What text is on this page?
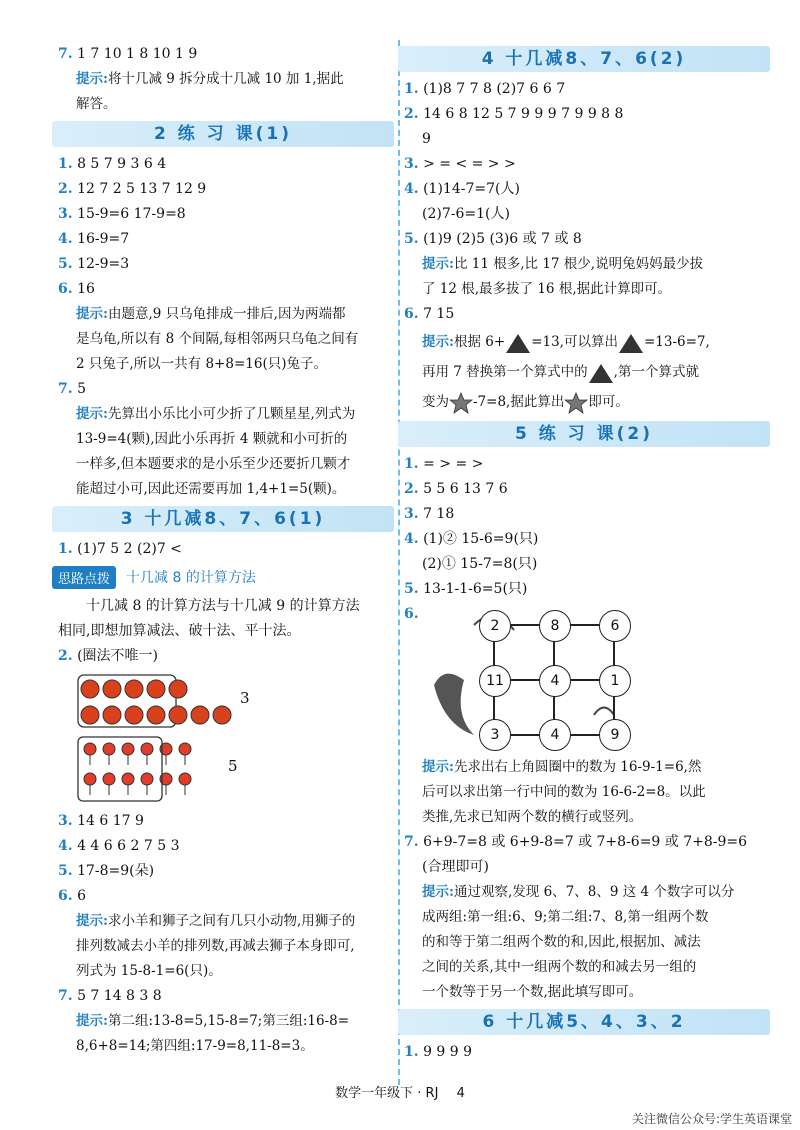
7. 1 7 10 1 8 10 1 9
提示:将十几减 9 拆分成十几减 10 加 1,据此
解答。
2 练 习 课(1)
1. 8 5 7 9 3 6 4
2. 12 7 2 5 13 7 12 9
3. 15-9=6 17-9=8
4. 16-9=7
5. 12-9=3
6. 16
提示:由题意,9 只乌龟排成一排后,因为两端都
是乌龟,所以有 8 个间隔,每相邻两只乌龟之间有
2 只兔子,所以一共有 8+8=16(只)兔子。
7. 5
提示:先算出小乐比小可少折了几颗星星,列式为
13-9=4(颗),因此小乐再折 4 颗就和小可折的
一样多,但本题要求的是小乐至少还要折几颗才
能超过小可,因此还需要再加 1,4+1=5(颗)。
3 十几减8、7、6(1)
1. (1)7 5 2 (2)7 <
思路点拨	十几减 8 的计算方法
十几减 8 的计算方法与十几减 9 的计算方法
相同,即想加算减法、破十法、平十法。
2. (圈法不唯一)
3
5
3. 14 6 17 9
4. 4 4 6 6 2 7 5 3
5. 17-8=9(朵)
6. 6
提示:求小羊和狮子之间有几只小动物,用狮子的
排列数减去小羊的排列数,再减去狮子本身即可,
列式为 15-8-1=6(只)。
7. 5 7 14 8 3 8
提示:第二组:13-8=5,15-8=7;第三组:16-8=
8,6+8=14;第四组:17-9=8,11-8=3。
4 十几减8、7、6(2)
1. (1)8 7 7 8 (2)7 6 6 7
2. 14 6 8 12 5 7 9 9 9 7 9 9 8 8
9
3. > = < = > >
4. (1)14-7=7(人)
(2)7-6=1(人)
5. (1)9 (2)5 (3)6 或 7 或 8
提示:比 11 根多,比 17 根少,说明兔妈妈最少拔
了 12 根,最多拔了 16 根,据此计算即可。
6. 7 15
提示:根据 6+ =13,可以算出 =13-6=7,
再用 7 替换第一个算式中的 ,第一个算式就
变为 -7=8,据此算出 即可。
5 练 习 课(2)
1. = > = >
2. 5 5 6 13 7 6
3. 7 18
4. (1)② 15-6=9(只)
(2)① 15-7=8(只)
5. 13-1-1-6=5(只)
6.
2	8	6
11	4	1
3	4	9
提示:先求出右上角圆圈中的数为 16-9-1=6,然
后可以求出第一行中间的数为 16-6-2=8。以此
类推,先求已知两个数的横行或竖列。
7. 6+9-7=8 或 6+9-8=7 或 7+8-6=9 或 7+8-9=6
(合理即可)
提示:通过观察,发现 6、7、8、9 这 4 个数字可以分
成两组:第一组:6、9;第二组:7、8,第一组两个数
的和等于第二组两个数的和,因此,根据加、减法
之间的关系,其中一组两个数的和减去另一组的
一个数等于另一个数,据此填写即可。
6 十几减5、4、3、2
1. 9 9 9 9
数学一年级下 · RJ 4
关注微信公众号:学生英语课堂
